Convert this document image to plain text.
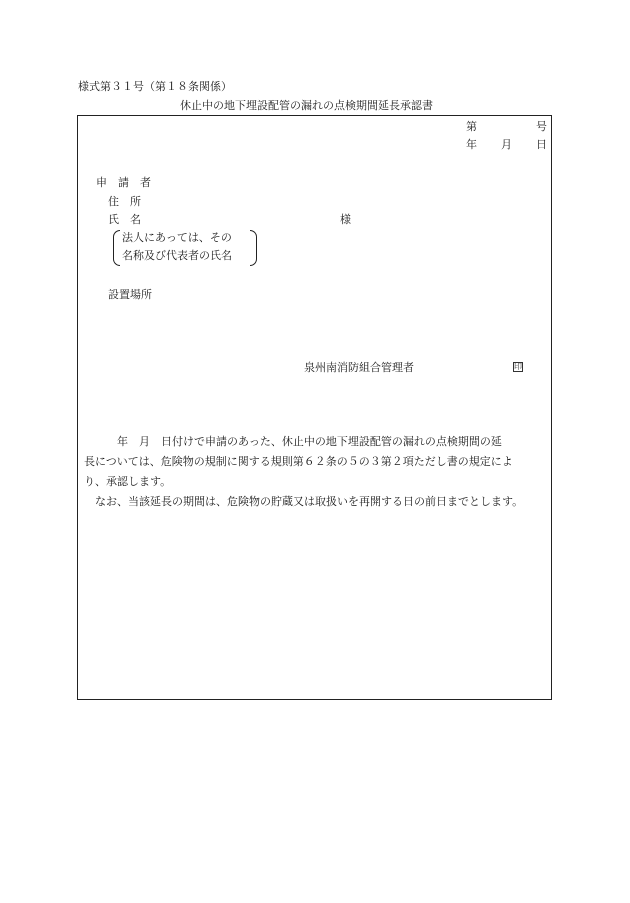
様式第３１号（第１８条関係）
休止中の地下埋設配管の漏れの点検期間延長承認書
第	号
年 月 日
申　請　者
住　所
氏　名	様
法人にあっては、その
名称及び代表者の氏名
設置場所
泉州南消防組合管理者	印
　　　年　月　日付けで申請のあった、休止中の地下埋設配管の漏れの点検期間の延
長については、危険物の規制に関する規則第６２条の５の３第２項ただし書の規定によ
り、承認します。
　なお、当該延長の期間は、危険物の貯蔵又は取扱いを再開する日の前日までとします。
